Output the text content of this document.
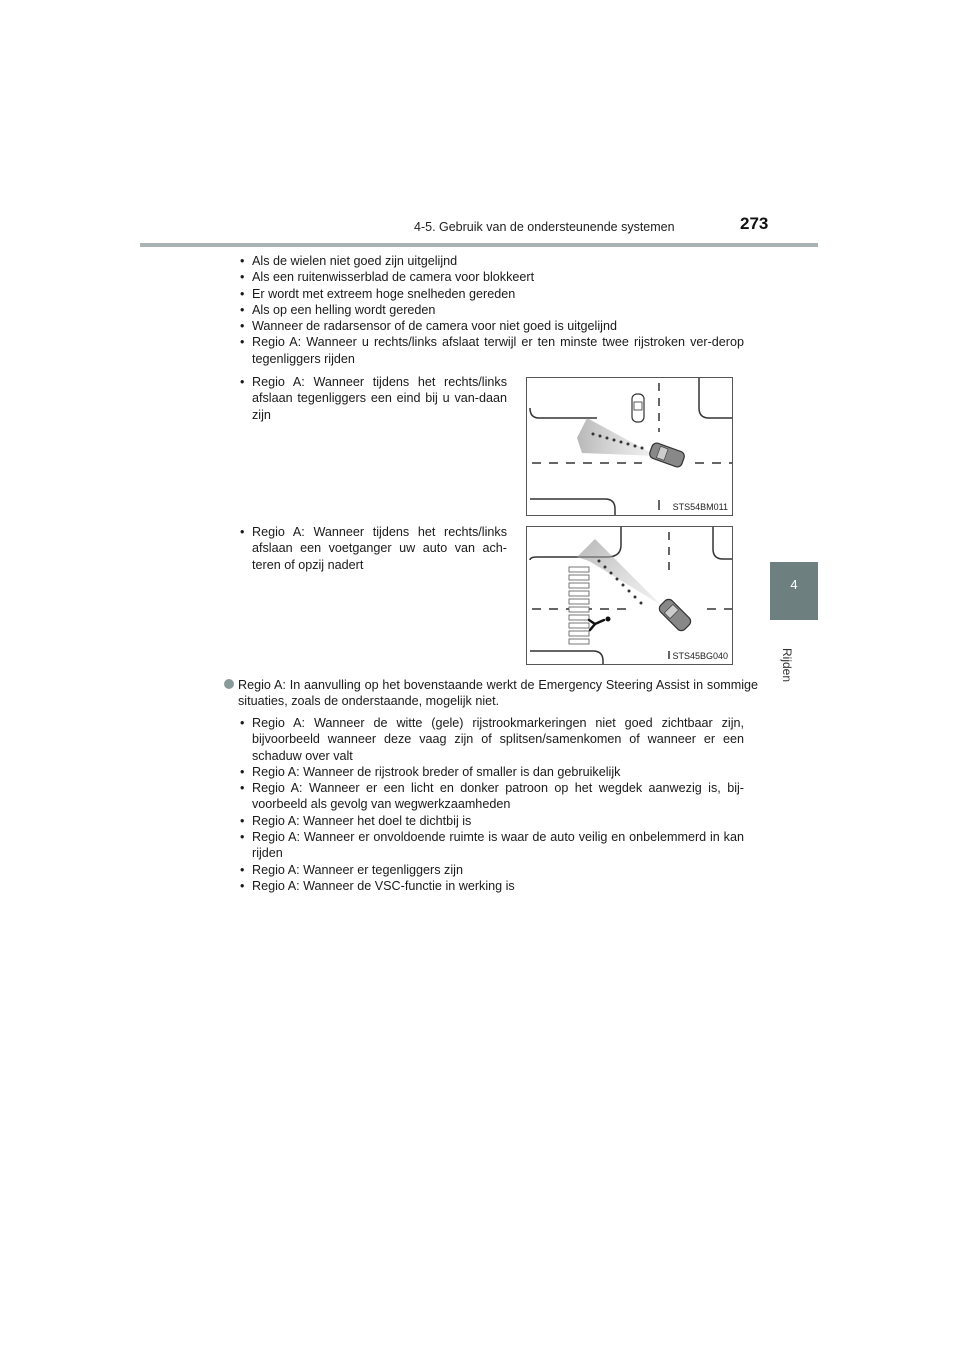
4-5. Gebruik van de ondersteunende systemen	273
4
Rijden
• Als de wielen niet goed zijn uitgelijnd
• Als een ruitenwisserblad de camera voor blokkeert
• Er wordt met extreem hoge snelheden gereden
• Als op een helling wordt gereden
• Wanneer de radarsensor of de camera voor niet goed is uitgelijnd
• Regio A: Wanneer u rechts/links afslaat terwijl er ten minste twee rijstroken ver-derop tegenliggers rijden
• Regio A: Wanneer tijdens het rechts/links afslaan tegenliggers een eind bij u van-daan zijn
STS54BM011
• Regio A: Wanneer tijdens het rechts/links afslaan een voetganger uw auto van ach-teren of opzij nadert
STS45BG040
Regio A: In aanvulling op het bovenstaande werkt de Emergency Steering Assist in sommige situaties, zoals de onderstaande, mogelijk niet.
• Regio A: Wanneer de witte (gele) rijstrookmarkeringen niet goed zichtbaar zijn, bijvoorbeeld wanneer deze vaag zijn of splitsen/samenkomen of wanneer er een schaduw over valt
• Regio A: Wanneer de rijstrook breder of smaller is dan gebruikelijk
• Regio A: Wanneer er een licht en donker patroon op het wegdek aanwezig is, bij-voorbeeld als gevolg van wegwerkzaamheden
• Regio A: Wanneer het doel te dichtbij is
• Regio A: Wanneer er onvoldoende ruimte is waar de auto veilig en onbelemmerd in kan rijden
• Regio A: Wanneer er tegenliggers zijn
• Regio A: Wanneer de VSC-functie in werking is
